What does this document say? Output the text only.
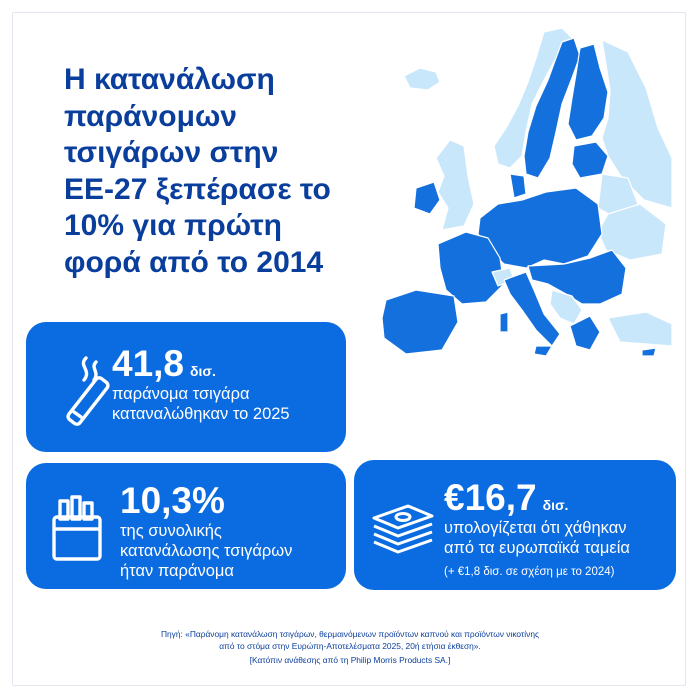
Η κατανάλωση
παράνομων
τσιγάρων στην
ΕΕ-27 ξεπέρασε το
10% για πρώτη
φορά από το 2014
41,8 δισ.
παράνομα τσιγάρα
καταναλώθηκαν το 2025
10,3%
της συνολικής
κατανάλωσης τσιγάρων
ήταν παράνομα
€16,7 δισ.
υπολογίζεται ότι χάθηκαν
από τα ευρωπαϊκά ταμεία
(+ €1,8 δισ. σε σχέση με το 2024)

Πηγή: «Παράνομη κατανάλωση τσιγάρων, θερμαινόμενων προϊόντων καπνού και προϊόντων νικοτίνης

από το στόμα στην Ευρώπη-Αποτελέσματα 2025, 20ή ετήσια έκθεση».

[Κατόπιν ανάθεσης από τη Philip Morris Products SA.]
